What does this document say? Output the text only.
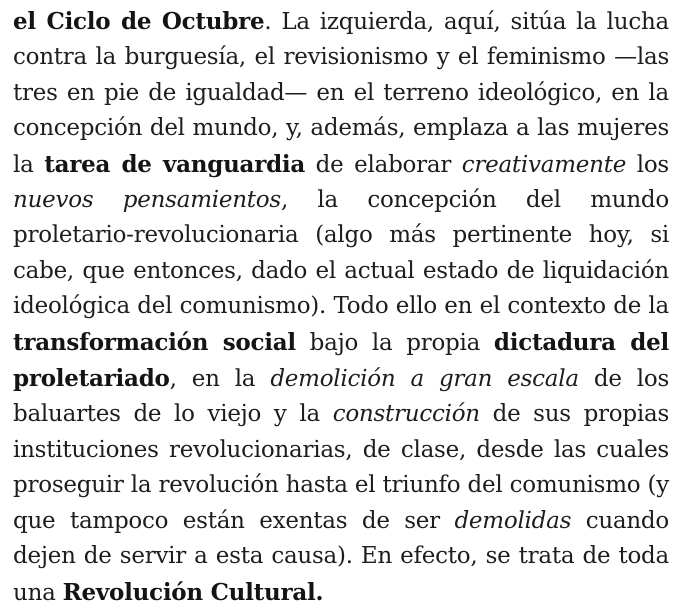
el Ciclo de Octubre. La izquierda, aquí, sitúa la lucha contra la burguesía, el revisionismo y el feminismo —las tres en pie de igualdad— en el terreno ideológico, en la concepción del mundo, y, además, emplaza a las mujeres la tarea de vanguardia de elaborar creativamente los nuevos pensamientos, la concepción del mundo proletario-revolucionaria (algo más pertinente hoy, si cabe, que entonces, dado el actual estado de liquidación ideológica del comunismo). Todo ello en el contexto de la transformación social bajo la propia dictadura del proletariado, en la demolición a gran escala de los baluartes de lo viejo y la construcción de sus propias instituciones revolucionarias, de clase, desde las cuales proseguir la revolución hasta el triunfo del comunismo (y que tampoco están exentas de ser demolidas cuando dejen de servir a esta causa). En efecto, se trata de toda una Revolución Cultural.
